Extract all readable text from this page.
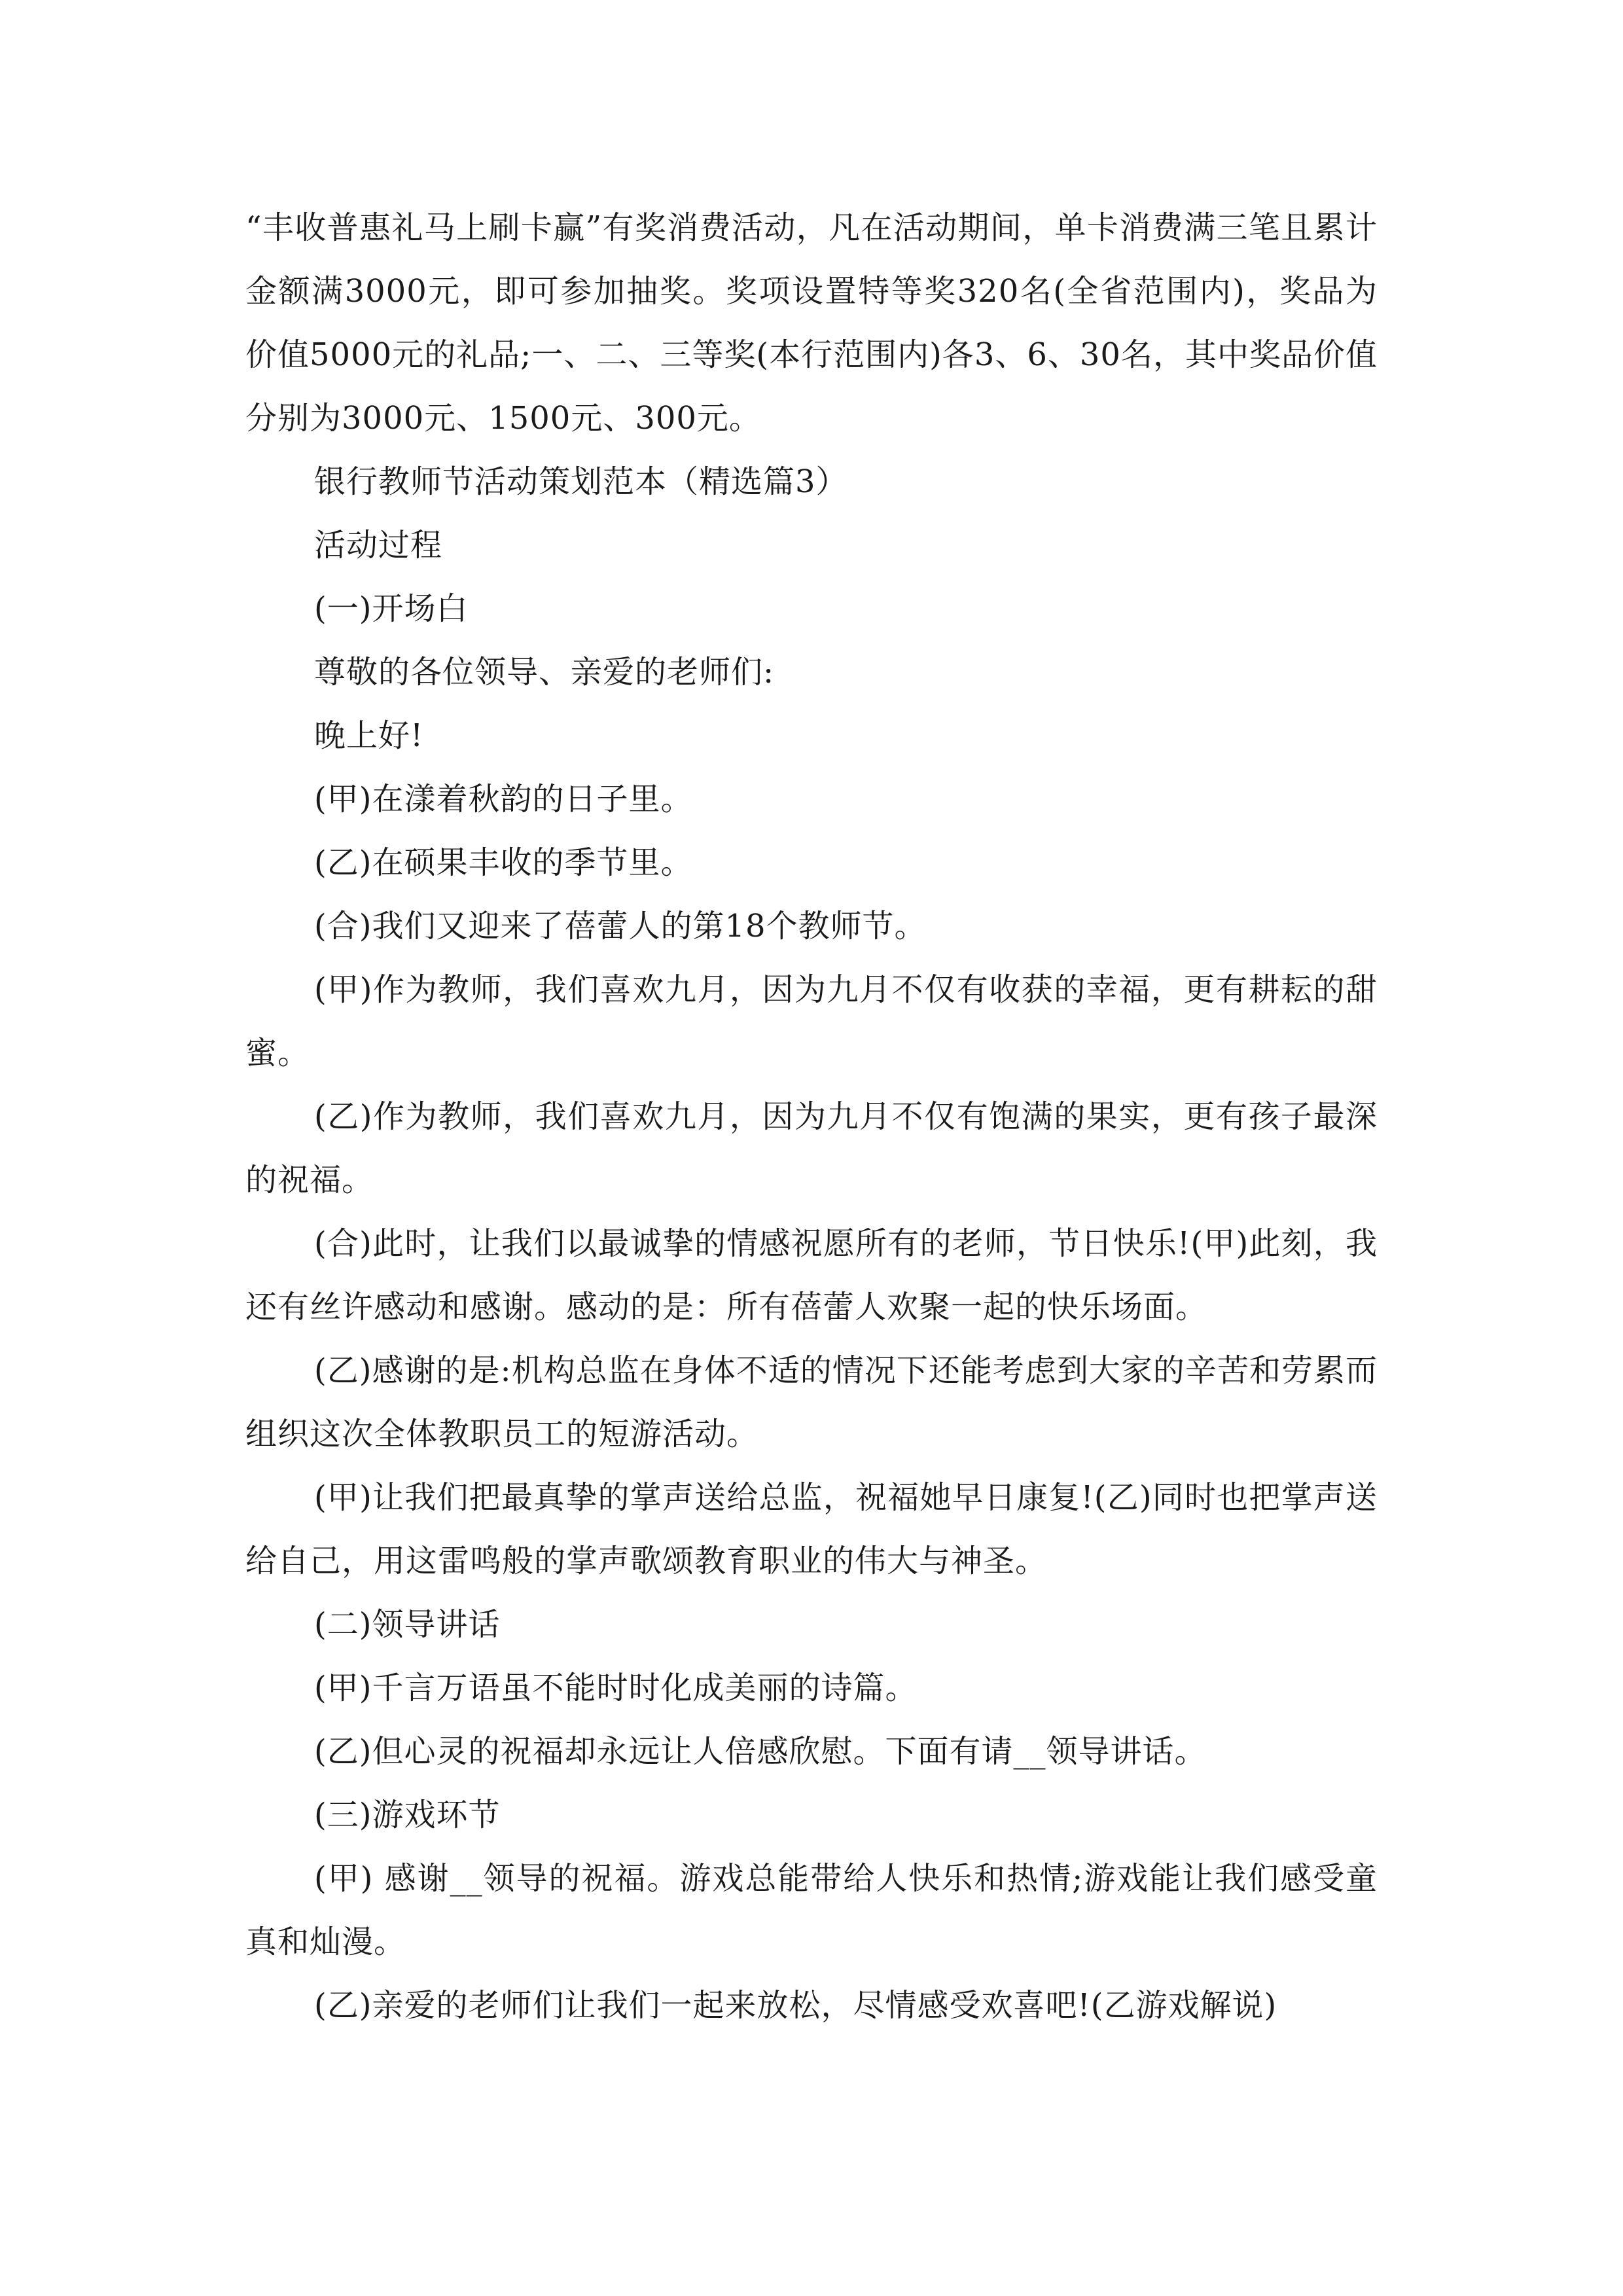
“丰收普惠礼马上刷卡赢”有奖消费活动，凡在活动期间，单卡消费满三笔且累计金额满3000元，即可参加抽奖。奖项设置特等奖320名(全省范围内)，奖品为价值5000元的礼品;一、二、三等奖(本行范围内)各3、6、30名，其中奖品价值分别为3000元、1500元、300元。

银行教师节活动策划范本（精选篇3）

活动过程

(一)开场白

尊敬的各位领导、亲爱的老师们:

晚上好!

(甲)在漾着秋韵的日子里。

(乙)在硕果丰收的季节里。

(合)我们又迎来了蓓蕾人的第18个教师节。

(甲)作为教师，我们喜欢九月，因为九月不仅有收获的幸福，更有耕耘的甜蜜。

(乙)作为教师，我们喜欢九月，因为九月不仅有饱满的果实，更有孩子最深的祝福。

(合)此时，让我们以最诚挚的情感祝愿所有的老师，节日快乐!(甲)此刻，我还有丝许感动和感谢。感动的是：所有蓓蕾人欢聚一起的快乐场面。

(乙)感谢的是:机构总监在身体不适的情况下还能考虑到大家的辛苦和劳累而组织这次全体教职员工的短游活动。

(甲)让我们把最真挚的掌声送给总监，祝福她早日康复!(乙)同时也把掌声送给自己，用这雷鸣般的掌声歌颂教育职业的伟大与神圣。

(二)领导讲话

(甲)千言万语虽不能时时化成美丽的诗篇。

(乙)但心灵的祝福却永远让人倍感欣慰。下面有请__领导讲话。

(三)游戏环节

(甲) 感谢__领导的祝福。游戏总能带给人快乐和热情;游戏能让我们感受童真和灿漫。

(乙)亲爱的老师们让我们一起来放松，尽情感受欢喜吧!(乙游戏解说)
